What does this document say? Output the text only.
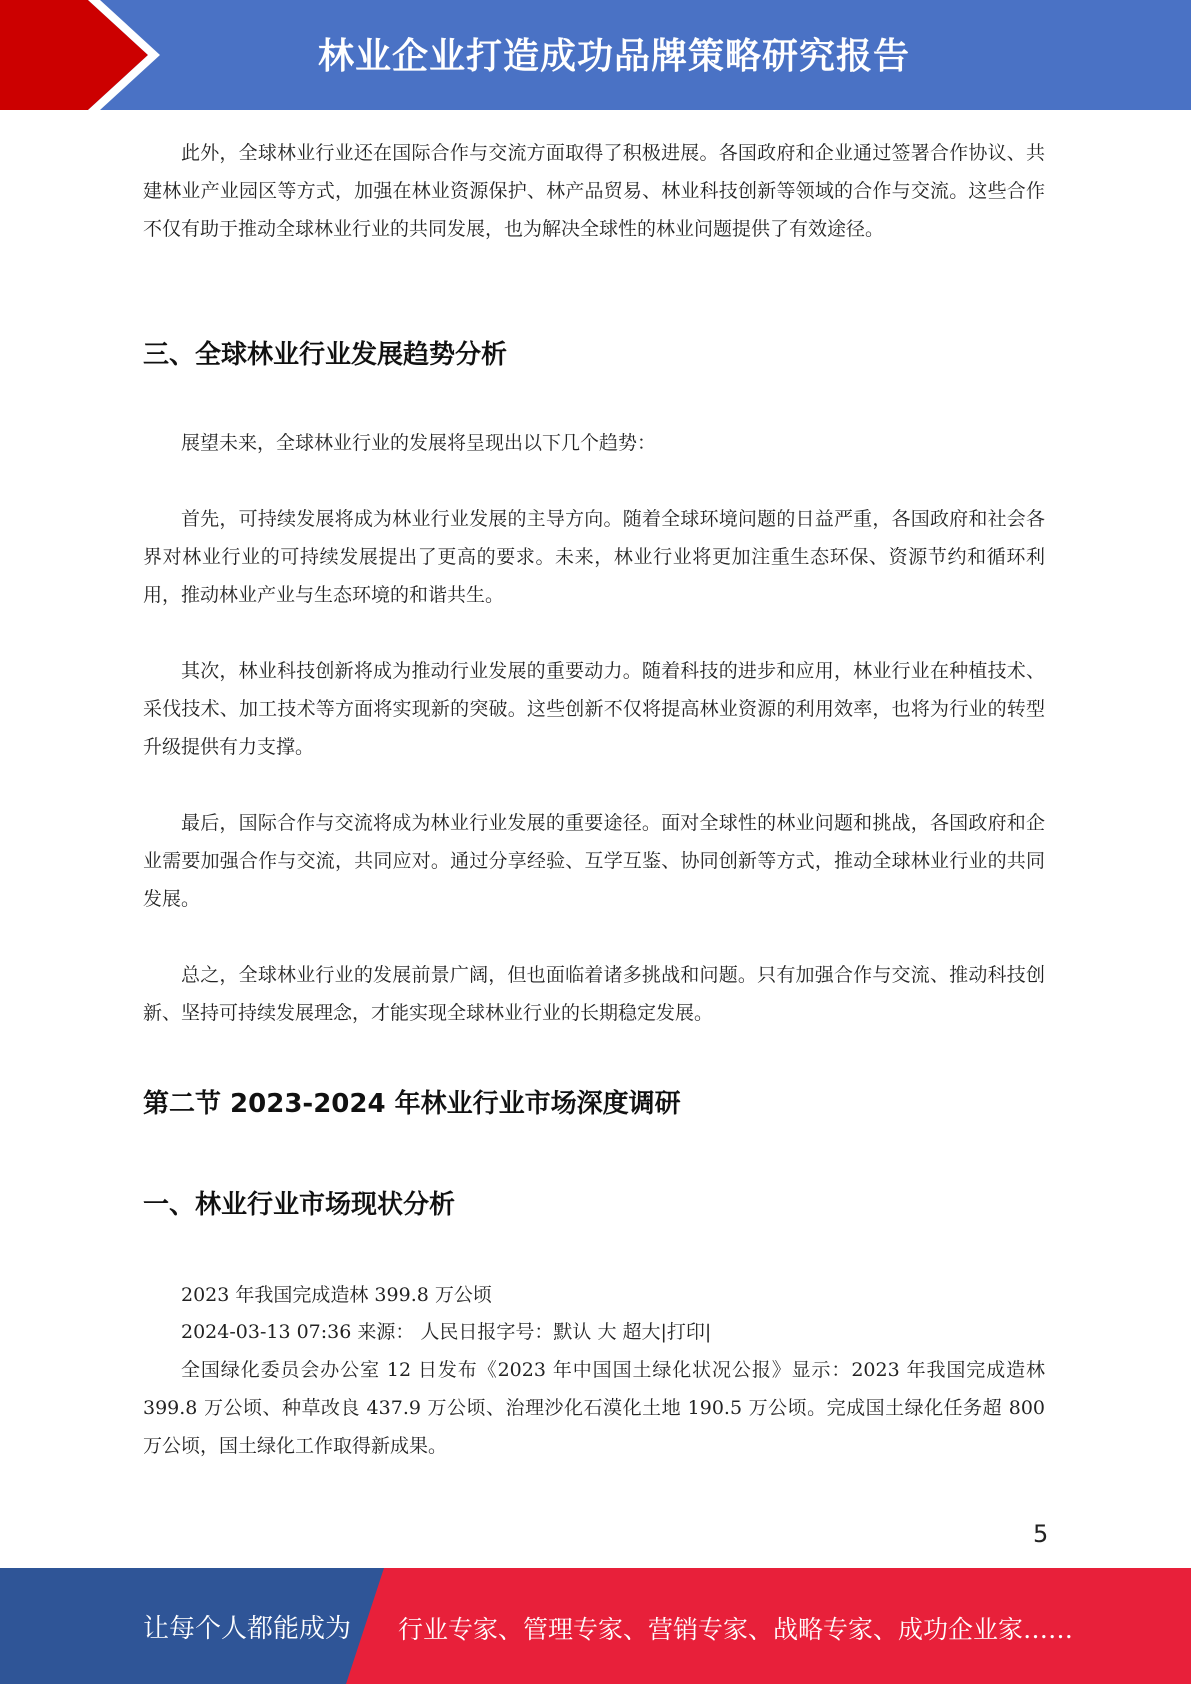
林业企业打造成功品牌策略研究报告

此外，全球林业行业还在国际合作与交流方面取得了积极进展。各国政府和企业通过签署合作协议、共建林业产业园区等方式，加强在林业资源保护、林产品贸易、林业科技创新等领域的合作与交流。这些合作不仅有助于推动全球林业行业的共同发展，也为解决全球性的林业问题提供了有效途径。

三、全球林业行业发展趋势分析

展望未来，全球林业行业的发展将呈现出以下几个趋势：

首先，可持续发展将成为林业行业发展的主导方向。随着全球环境问题的日益严重，各国政府和社会各界对林业行业的可持续发展提出了更高的要求。未来，林业行业将更加注重生态环保、资源节约和循环利用，推动林业产业与生态环境的和谐共生。

其次，林业科技创新将成为推动行业发展的重要动力。随着科技的进步和应用，林业行业在种植技术、采伐技术、加工技术等方面将实现新的突破。这些创新不仅将提高林业资源的利用效率，也将为行业的转型升级提供有力支撑。

最后，国际合作与交流将成为林业行业发展的重要途径。面对全球性的林业问题和挑战，各国政府和企业需要加强合作与交流，共同应对。通过分享经验、互学互鉴、协同创新等方式，推动全球林业行业的共同发展。

总之，全球林业行业的发展前景广阔，但也面临着诸多挑战和问题。只有加强合作与交流、推动科技创新、坚持可持续发展理念，才能实现全球林业行业的长期稳定发展。

第二节 2023-2024 年林业行业市场深度调研
一、林业行业市场现状分析

2023 年我国完成造林 399.8 万公顷

2024-03-13 07:36 来源： 人民日报字号：默认 大 超大|打印|

全国绿化委员会办公室 12 日发布《2023 年中国国土绿化状况公报》显示：2023 年我国完成造林 399.8 万公顷、种草改良 437.9 万公顷、治理沙化石漠化土地 190.5 万公顷。完成国土绿化任务超 800 万公顷，国土绿化工作取得新成果。

5
让每个人都能成为 行业专家、管理专家、营销专家、战略专家、成功企业家……
